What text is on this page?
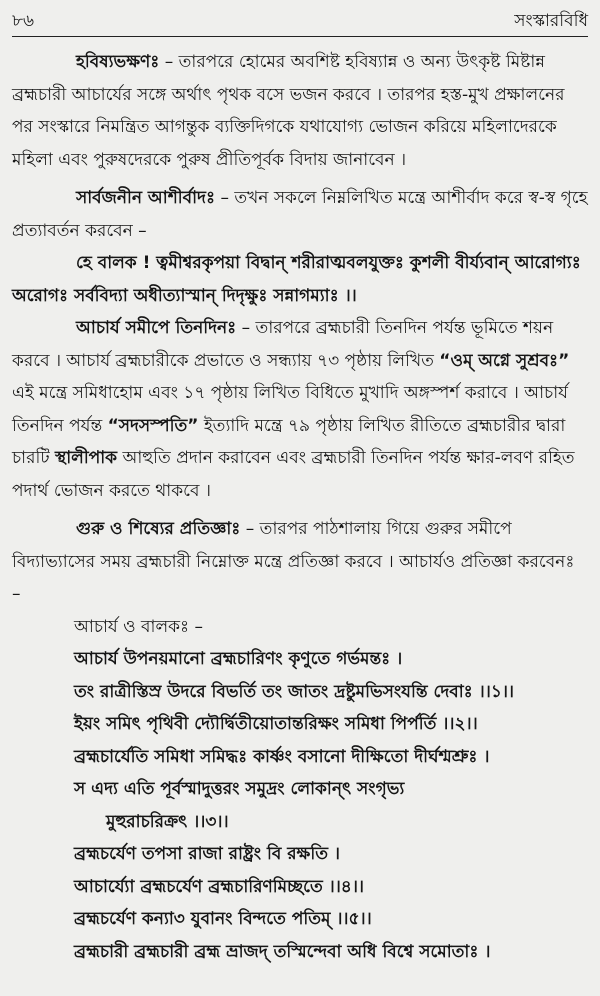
৮৬	সংস্কারবিধি

হবিষ্যভক্ষণঃ – তারপরে হোমের অবশিষ্ট হবিষ্যান্ন ও অন্য উৎকৃষ্ট মিষ্টান্ন ব্রহ্মচারী আচার্যের সঙ্গে অর্থাৎ পৃথক বসে ভজন করবে । তারপর হস্ত-মুখ প্রক্ষালনের পর সংস্কারে নিমন্ত্রিত আগন্তুক ব্যক্তিদিগকে যথাযোগ্য ভোজন করিয়ে মহিলাদেরকে মহিলা এবং পুরুষদেরকে পুরুষ প্রীতিপূর্বক বিদায় জানাবেন ।

সার্বজনীন আশীর্বাদঃ – তখন সকলে নিম্নলিখিত মন্ত্রে আশীর্বাদ করে স্ব-স্ব গৃহে প্রত্যাবর্তন করবেন –

হে বালক ! ত্বমীশ্বরকৃপয়া বিদ্বান্ শরীরাত্মবলযুক্তঃ কুশলী বীর্য্যবান্ আরোগ্যঃ অরোগঃ সর্ববিদ্যা অধীত্যাস্মান্ দিদৃক্ষুঃ সন্নাগম্যাঃ ।।

আচার্য সমীপে তিনদিনঃ – তারপরে ব্রহ্মচারী তিনদিন পর্যন্ত ভূমিতে শয়ন করবে । আচার্য ব্রহ্মচারীকে প্রভাতে ও সন্ধ্যায় ৭৩ পৃষ্ঠায় লিখিত “ওম্ অগ্নে সুশ্রবঃ” এই মন্ত্রে সমিধাহোম এবং ১৭ পৃষ্ঠায় লিখিত বিধিতে মুখাদি অঙ্গস্পর্শ করাবে । আচার্য তিনদিন পর্যন্ত “সদসস্পতি” ইত্যাদি মন্ত্রে ৭৯ পৃষ্ঠায় লিখিত রীতিতে ব্রহ্মচারীর দ্বারা চারটি স্থালীপাক আহুতি প্রদান করাবেন এবং ব্রহ্মচারী তিনদিন পর্যন্ত ক্ষার-লবণ রহিত পদার্থ ভোজন করতে থাকবে ।

গুরু ও শিষ্যের প্রতিজ্ঞাঃ – তারপর পাঠশালায় গিয়ে গুরুর সমীপে বিদ্যাভ্যাসের সময় ব্রহ্মচারী নিম্নোক্ত মন্ত্রে প্রতিজ্ঞা করবে । আচার্যও প্রতিজ্ঞা করবেনঃ –

আচার্য ও বালকঃ –

আচার্য উপনয়মানো ব্রহ্মচারিণং কৃণুতে গর্ভমন্তঃ ।

তং রাত্রীস্তিস্র উদরে বিভর্তি তং জাতং দ্রষ্টুমভিসংযন্তি দেবাঃ ।।১।।

ইয়ং সমিৎ পৃথিবী দ্যৌর্দ্বিতীয়োতান্তরিক্ষং সমিধা পির্পর্তি ।।২।।

ব্রহ্মচার্যেতি সমিধা সমিদ্ধঃ কার্ষ্ণং বসানো দীক্ষিতো দীর্ঘশ্মশ্রুঃ ।

স এদ্য এতি পূর্বস্মাদুত্তরং সমুদ্রং লোকান্‌ৎ সংগৃভ্য

মুহুরাচরিক্রৎ ।।৩।।

ব্রহ্মচর্যেণ তপসা রাজা রাষ্ট্রং বি রক্ষতি ।

আচার্য্যো ব্রহ্মচর্যেণ ব্রহ্মচারিণমিচ্ছতে ।।৪।।

ব্রহ্মচর্যেণ কন্যা৩ যুবানং বিন্দতে পতিম্ ।।৫।।

ব্রহ্মচারী ব্রহ্মচারী ব্রহ্ম ভ্রাজদ্ তস্মিন্দেবা অধি বিশ্বে সমোতাঃ ।
